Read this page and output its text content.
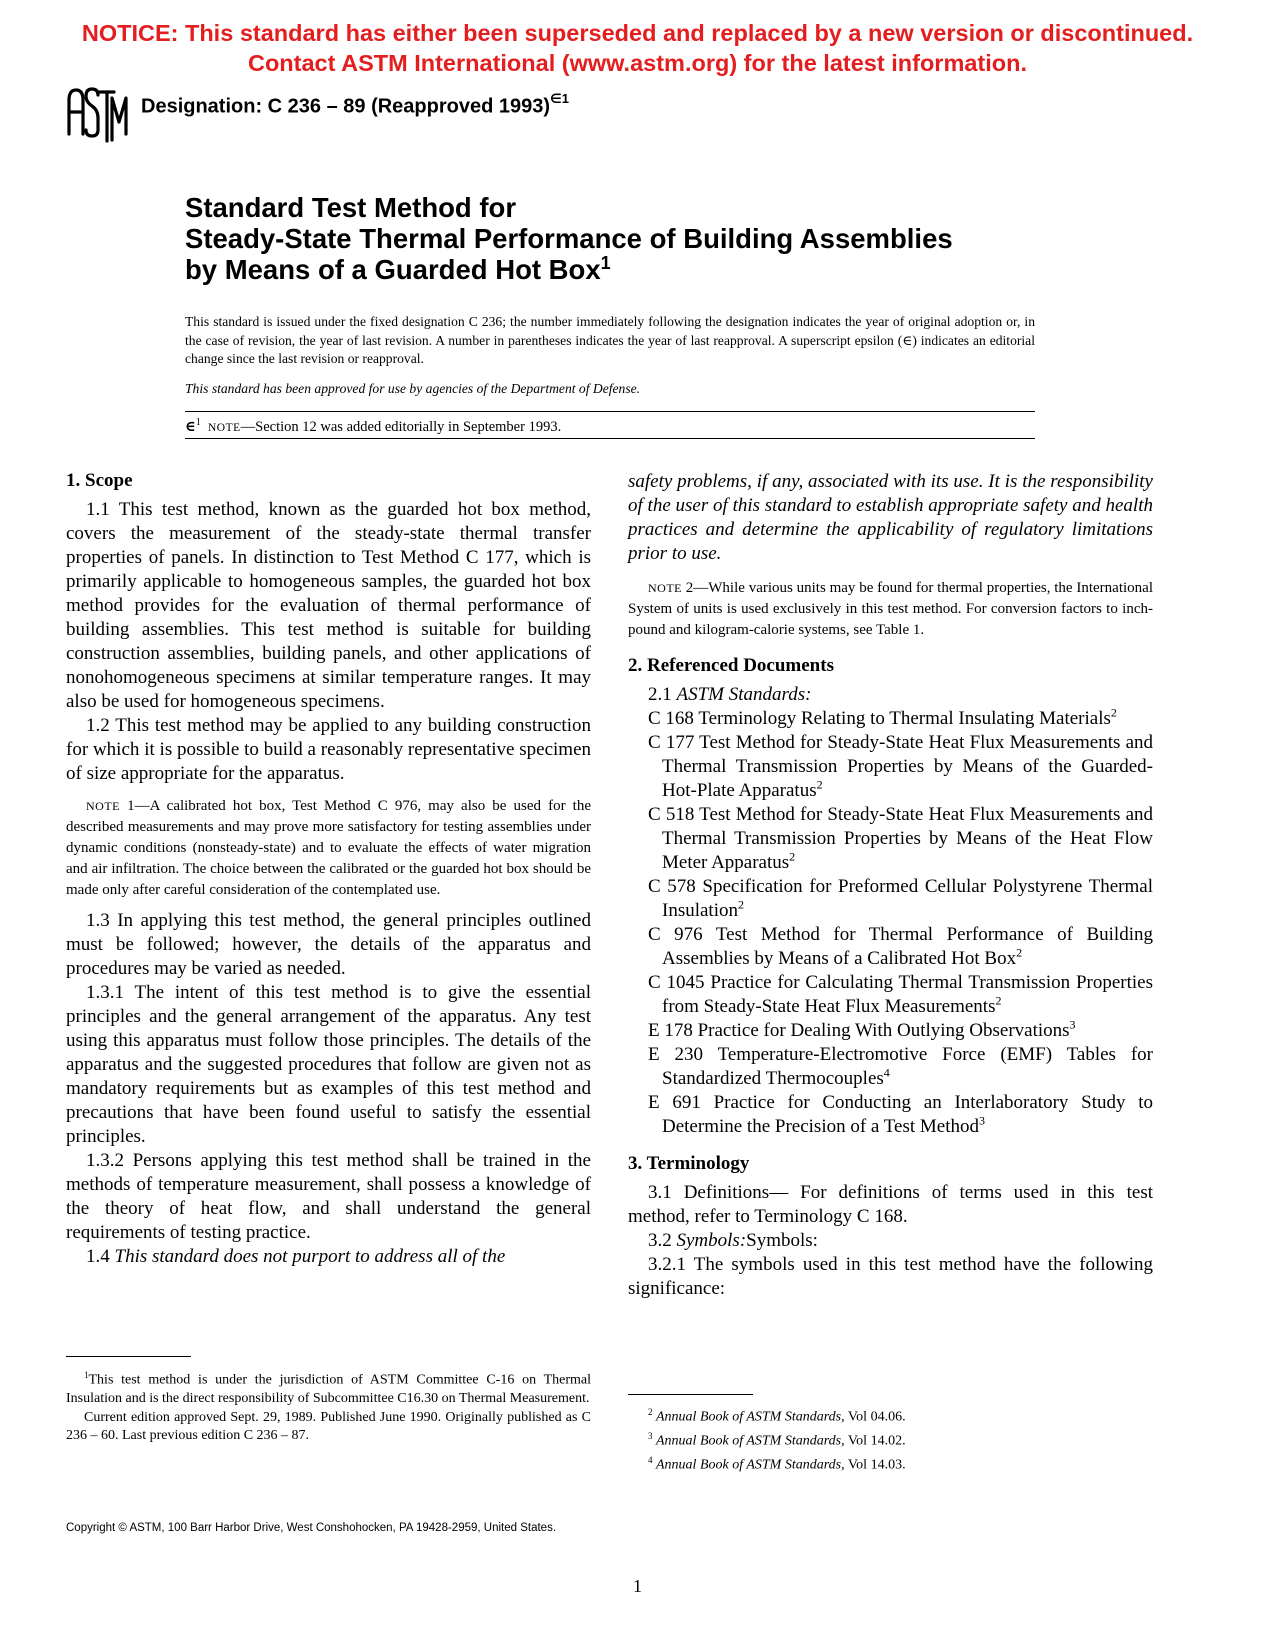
NOTICE: This standard has either been superseded and replaced by a new version or discontinued.
Contact ASTM International (www.astm.org) for the latest information.
Designation: C 236 – 89 (Reapproved 1993)$^{\in 1}$
Standard Test Method for
Steady-State Thermal Performance of Building Assemblies
by Means of a Guarded Hot Box$^1$
This standard is issued under the fixed designation C 236; the number immediately following the designation indicates the year of original adoption or, in the case of revision, the year of last revision. A number in parentheses indicates the year of last reapproval. A superscript epsilon (∈) indicates an editorial change since the last revision or reapproval.
This standard has been approved for use by agencies of the Department of Defense.
∈$^1$ NOTE—Section 12 was added editorially in September 1993.

1. Scope

1.1 This test method, known as the guarded hot box method, covers the measurement of the steady-state thermal transfer properties of panels. In distinction to Test Method C 177, which is primarily applicable to homogeneous samples, the guarded hot box method provides for the evaluation of thermal performance of building assemblies. This test method is suitable for building construction assemblies, building panels, and other applications of nonohomogeneous specimens at similar temperature ranges. It may also be used for homogeneous specimens.

1.2 This test method may be applied to any building construction for which it is possible to build a reasonably representative specimen of size appropriate for the apparatus.

NOTE 1—A calibrated hot box, Test Method C 976, may also be used for the described measurements and may prove more satisfactory for testing assemblies under dynamic conditions (nonsteady-state) and to evaluate the effects of water migration and air infiltration. The choice between the calibrated or the guarded hot box should be made only after careful consideration of the contemplated use.

1.3 In applying this test method, the general principles outlined must be followed; however, the details of the apparatus and procedures may be varied as needed.

1.3.1 The intent of this test method is to give the essential principles and the general arrangement of the apparatus. Any test using this apparatus must follow those principles. The details of the apparatus and the suggested procedures that follow are given not as mandatory requirements but as examples of this test method and precautions that have been found useful to satisfy the essential principles.

1.3.2 Persons applying this test method shall be trained in the methods of temperature measurement, shall possess a knowledge of the theory of heat flow, and shall understand the general requirements of testing practice.

1.4 This standard does not purport to address all of the

safety problems, if any, associated with its use. It is the responsibility of the user of this standard to establish appropriate safety and health practices and determine the applicability of regulatory limitations prior to use.

NOTE 2—While various units may be found for thermal properties, the International System of units is used exclusively in this test method. For conversion factors to inch-pound and kilogram-calorie systems, see Table 1.

2. Referenced Documents

2.1 ASTM Standards:

C 168 Terminology Relating to Thermal Insulating Materials$^2$

C 177 Test Method for Steady-State Heat Flux Measurements and Thermal Transmission Properties by Means of the Guarded-Hot-Plate Apparatus$^2$

C 518 Test Method for Steady-State Heat Flux Measurements and Thermal Transmission Properties by Means of the Heat Flow Meter Apparatus$^2$

C 578 Specification for Preformed Cellular Polystyrene Thermal Insulation$^2$

C 976 Test Method for Thermal Performance of Building Assemblies by Means of a Calibrated Hot Box$^2$

C 1045 Practice for Calculating Thermal Transmission Properties from Steady-State Heat Flux Measurements$^2$

E 178 Practice for Dealing With Outlying Observations$^3$

E 230 Temperature-Electromotive Force (EMF) Tables for Standardized Thermocouples$^4$

E 691 Practice for Conducting an Interlaboratory Study to Determine the Precision of a Test Method$^3$

3. Terminology

3.1 Definitions— For definitions of terms used in this test method, refer to Terminology C 168.

3.2 Symbols:Symbols:

3.2.1 The symbols used in this test method have the following significance:

$^1$This test method is under the jurisdiction of ASTM Committee C-16 on Thermal Insulation and is the direct responsibility of Subcommittee C16.30 on Thermal Measurement.

Current edition approved Sept. 29, 1989. Published June 1990. Originally published as C 236 – 60. Last previous edition C 236 – 87.

$^2$ Annual Book of ASTM Standards, Vol 04.06.

$^3$ Annual Book of ASTM Standards, Vol 14.02.

$^4$ Annual Book of ASTM Standards, Vol 14.03.

Copyright © ASTM, 100 Barr Harbor Drive, West Conshohocken, PA 19428-2959, United States.
1
